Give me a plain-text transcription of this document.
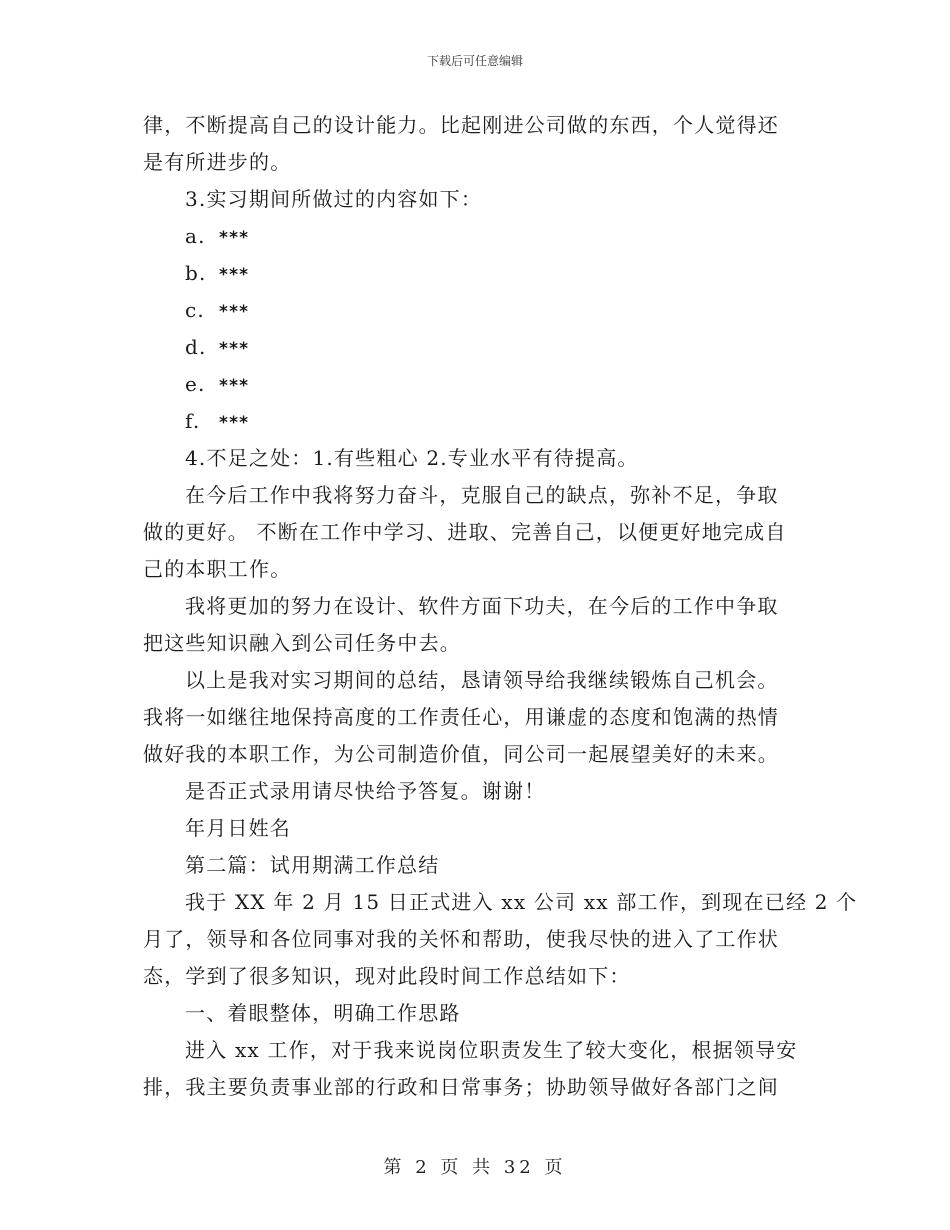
下载后可任意编辑

律，不断提高自己的设计能力。比起刚进公司做的东西，个人觉得还

是有所进步的。

3.实习期间所做过的内容如下：

a. ***

b. ***

c. ***

d. ***

e. ***

f. ***

4.不足之处：1.有些粗心 2.专业水平有待提高。

在今后工作中我将努力奋斗，克服自己的缺点，弥补不足，争取

做的更好。 不断在工作中学习、进取、完善自己，以便更好地完成自

己的本职工作。

我将更加的努力在设计、软件方面下功夫，在今后的工作中争取

把这些知识融入到公司任务中去。

以上是我对实习期间的总结，恳请领导给我继续锻炼自己机会。

我将一如继往地保持高度的工作责任心，用谦虚的态度和饱满的热情

做好我的本职工作，为公司制造价值，同公司一起展望美好的未来。

是否正式录用请尽快给予答复。谢谢！

年月日姓名

第二篇：试用期满工作总结

我于 XX 年 2 月 15 日正式进入 xx 公司 xx 部工作，到现在已经 2 个

月了，领导和各位同事对我的关怀和帮助，使我尽快的进入了工作状

态，学到了很多知识，现对此段时间工作总结如下：

一、着眼整体，明确工作思路

进入 xx 工作，对于我来说岗位职责发生了较大变化，根据领导安

排，我主要负责事业部的行政和日常事务；协助领导做好各部门之间

第 2 页 共 32 页
